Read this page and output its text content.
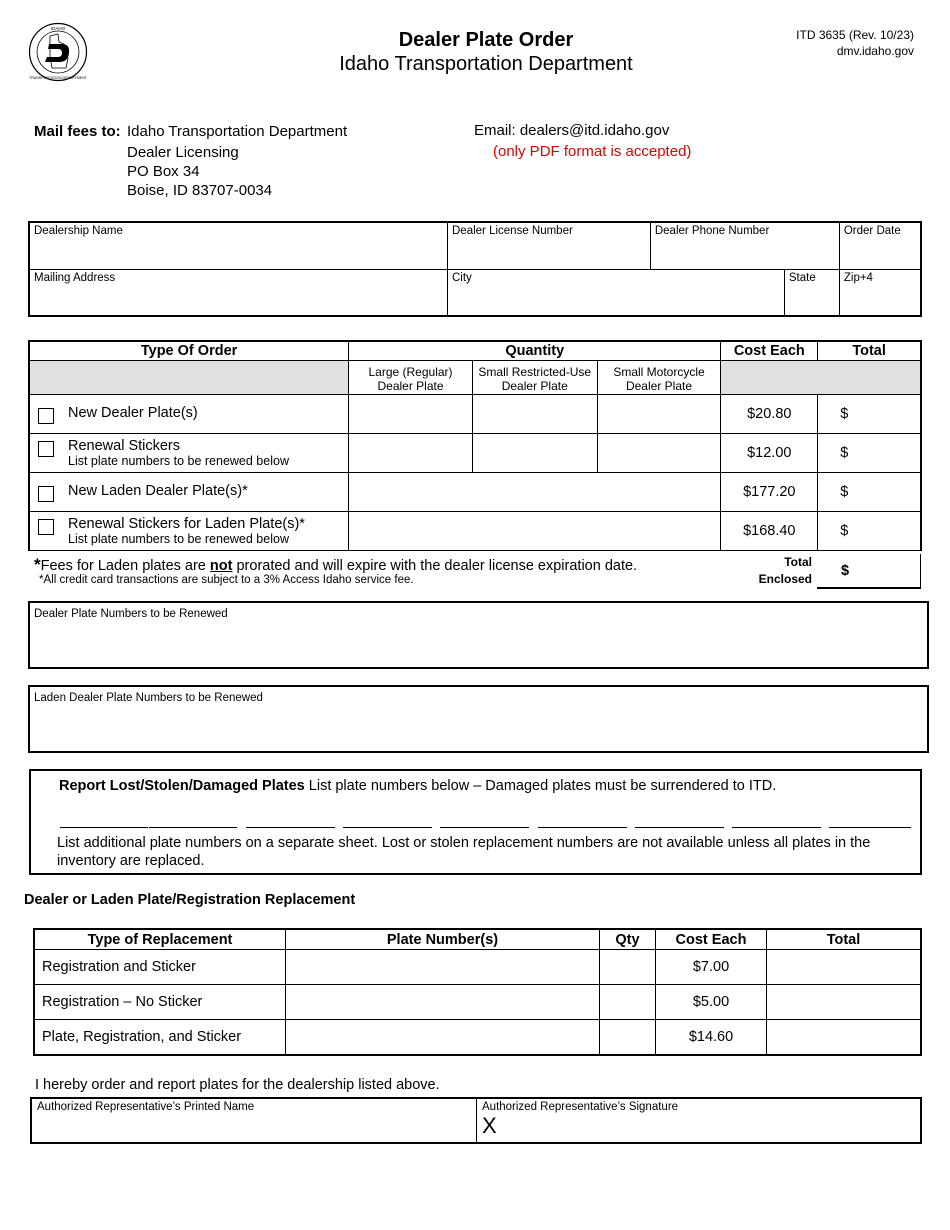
IDAHO
TRANSPORTATION DEPARTMENT
D
Dealer Plate Order
Idaho Transportation Department
ITD 3635 (Rev. 10/23)
dmv.idaho.gov
Mail fees to: Idaho Transportation Department
Dealer Licensing
PO Box 34
Boise, ID 83707-0034
Email: dealers@itd.idaho.gov
(only PDF format is accepted)
Dealership Name	Dealer License Number	Dealer Phone Number		Order Date
Mailing Address	City		State	Zip+4
Type Of Order	Quantity			Cost Each	Total
	Large (Regular) Dealer Plate	Small Restricted-Use Dealer Plate	Small Motorcycle Dealer Plate		

New Dealer Plate(s)				$20.80	$

Renewal Stickers
List plate numbers to be renewed below				$12.00	$

New Laden Dealer Plate(s)*				$177.20	$

Renewal Stickers for Laden Plate(s)*
List plate numbers to be renewed below				$168.40	$
*Fees for Laden plates are not prorated and will expire with the dealer license expiration date.
*All credit card transactions are subject to a 3% Access Idaho service fee.
Total
Enclosed $
Dealer Plate Numbers to be Renewed
Laden Dealer Plate Numbers to be Renewed
Report Lost/Stolen/Damaged Plates List plate numbers below – Damaged plates must be surrendered to ITD.
List additional plate numbers on a separate sheet. Lost or stolen replacement numbers are not available unless all plates in the inventory are replaced.
Dealer or Laden Plate/Registration Replacement
Type of Replacement	Plate Number(s)	Qty	Cost Each	Total
Registration and Sticker			$7.00	
Registration – No Sticker			$5.00	
Plate, Registration, and Sticker			$14.60	
I hereby order and report plates for the dealership listed above.
Authorized Representative’s Printed Name	Authorized Representative’s Signature
X
